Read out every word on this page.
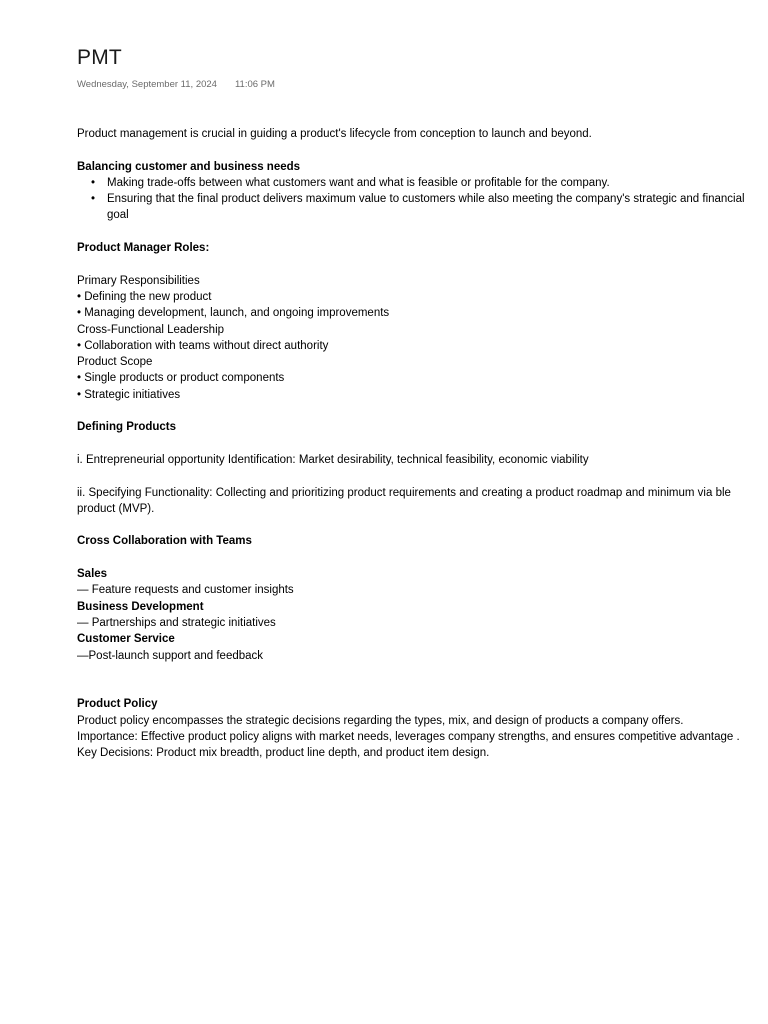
PMT
Wednesday, September 11, 2024 11:06 PM

Product management is crucial in guiding a product's lifecycle from conception to launch and beyond.

Balancing customer and business needs

• Making trade-offs between what customers want and what is feasible or profitable for the company.
• Ensuring that the final product delivers maximum value to customers while also meeting the company's strategic and financial goal

Product Manager Roles:

Primary Responsibilities

• Defining the new product

• Managing development, launch, and ongoing improvements

Cross-Functional Leadership

• Collaboration with teams without direct authority

Product Scope

• Single products or product components

• Strategic initiatives

Defining Products

i. Entrepreneurial opportunity Identification: Market desirability, technical feasibility, economic viability

ii. Specifying Functionality: Collecting and prioritizing product requirements and creating a product roadmap and minimum via ble product (MVP).

Cross Collaboration with Teams

Sales

— Feature requests and customer insights

Business Development

— Partnerships and strategic initiatives

Customer Service

—Post-launch support and feedback

Product Policy

Product policy encompasses the strategic decisions regarding the types, mix, and design of products a company offers.

Importance: Effective product policy aligns with market needs, leverages company strengths, and ensures competitive advantage .

Key Decisions: Product mix breadth, product line depth, and product item design.
